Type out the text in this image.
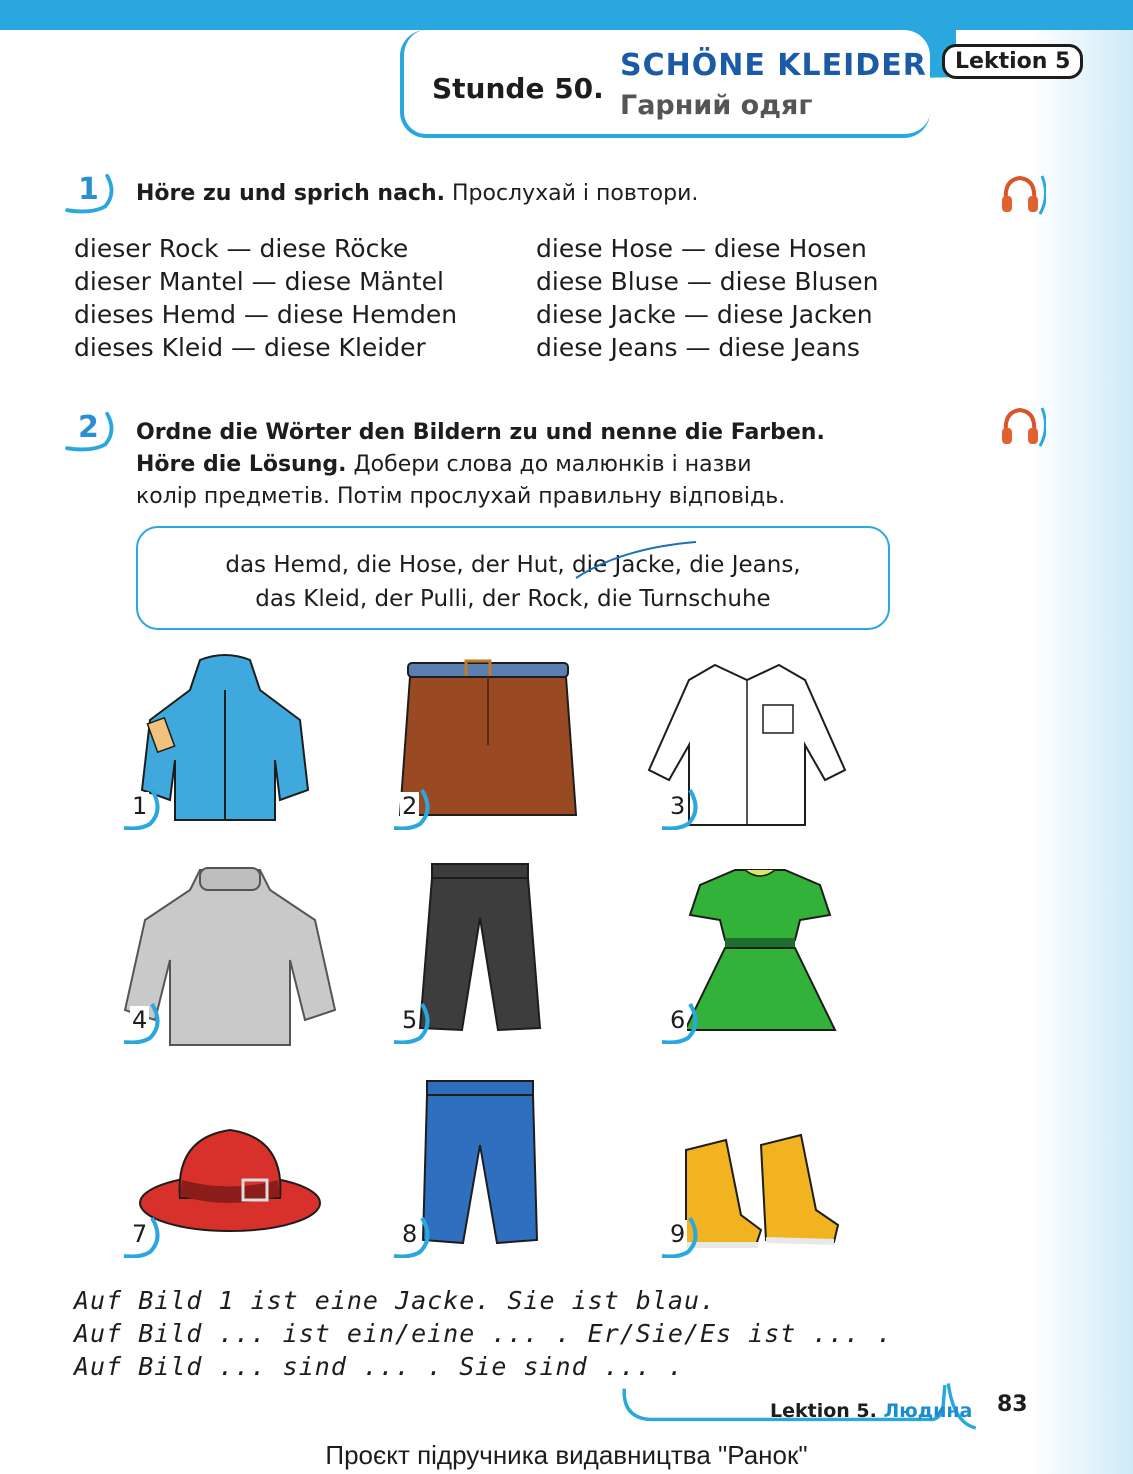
Stunde 50.
SCHÖNE KLEIDER
Гарний одяг
Lektion 5
1 Höre zu und sprich nach. Прослухай і повтори.
dieser Rock — diese Röcke
dieser Mantel — diese Mäntel
dieses Hemd — diese Hemden
dieses Kleid — diese Kleider
diese Hose — diese Hosen
diese Bluse — diese Blusen
diese Jacke — diese Jacken
diese Jeans — diese Jeans
2 Ordne die Wörter den Bildern zu und nenne die Farben.
Höre die Lösung. Добери слова до малюнків і назви
колір предметів. Потім прослухай правильну відповідь.
das Hemd, die Hose, der Hut, die Jacke, die Jeans,
das Kleid, der Pulli, der Rock, die Turnschuhe
1	2	3
4	5	6
7	8	9
Auf Bild 1 ist eine Jacke. Sie ist blau.
Auf Bild ... ist ein/eine ... . Er/Sie/Es ist ... .
Auf Bild ... sind ... . Sie sind ... .
Lektion 5. Людина 83
Проєкт підручника видавництва "Ранок"
